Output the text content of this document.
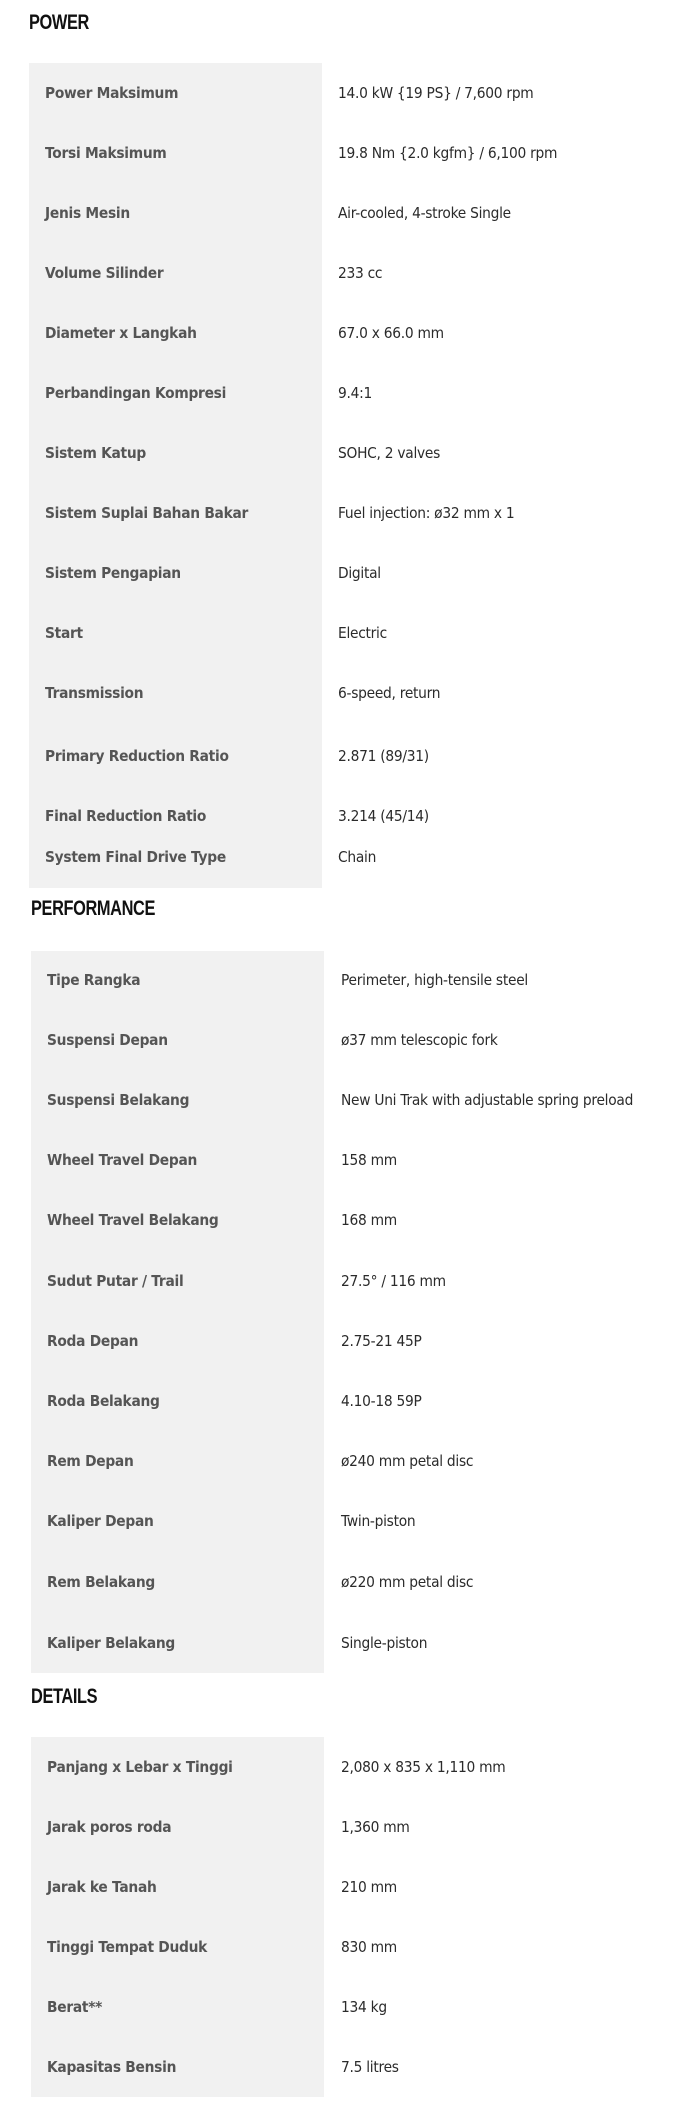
POWER
Power Maksimum	14.0 kW {19 PS} / 7,600 rpm
Torsi Maksimum	19.8 Nm {2.0 kgfm} / 6,100 rpm
Jenis Mesin	Air-cooled, 4-stroke Single
Volume Silinder	233 cc
Diameter x Langkah	67.0 x 66.0 mm
Perbandingan Kompresi	9.4:1
Sistem Katup	SOHC, 2 valves
Sistem Suplai Bahan Bakar	Fuel injection: ø32 mm x 1
Sistem Pengapian	Digital
Start	Electric
Transmission	6-speed, return
Primary Reduction Ratio	2.871 (89/31)
Final Reduction Ratio	3.214 (45/14)
System Final Drive Type	Chain
PERFORMANCE
Tipe Rangka	Perimeter, high-tensile steel
Suspensi Depan	ø37 mm telescopic fork
Suspensi Belakang	New Uni Trak with adjustable spring preload
Wheel Travel Depan	158 mm
Wheel Travel Belakang	168 mm
Sudut Putar / Trail	27.5° / 116 mm
Roda Depan	2.75-21 45P
Roda Belakang	4.10-18 59P
Rem Depan	ø240 mm petal disc
Kaliper Depan	Twin-piston
Rem Belakang	ø220 mm petal disc
Kaliper Belakang	Single-piston
DETAILS
Panjang x Lebar x Tinggi	2,080 x 835 x 1,110 mm
Jarak poros roda	1,360 mm
Jarak ke Tanah	210 mm
Tinggi Tempat Duduk	830 mm
Berat**	134 kg
Kapasitas Bensin	7.5 litres
